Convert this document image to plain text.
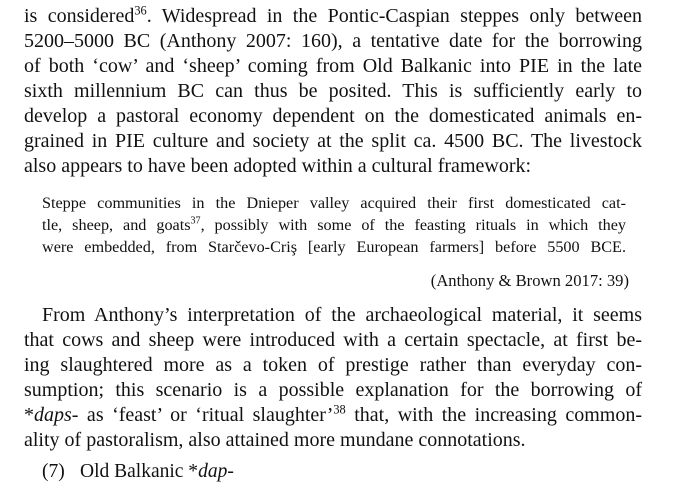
is considered$^{36}$. Widespread in the Pontic-Caspian steppes only between
5200–5000 BC (Anthony 2007: 160), a tentative date for the borrowing
of both ‘cow’ and ‘sheep’ coming from Old Balkanic into PIE in the late
sixth millennium BC can thus be posited. This is sufficiently early to
develop a pastoral economy dependent on the domesticated animals en-
grained in PIE culture and society at the split ca. 4500 BC. The livestock
also appears to have been adopted within a cultural framework:
Steppe communities in the Dnieper valley acquired their first domesticated cat-
tle, sheep, and goats$^{37}$, possibly with some of the feasting rituals in which they
were embedded, from Starčevo-Criş [early European farmers] before 5500 BCE.
(Anthony & Brown 2017: 39)
From Anthony’s interpretation of the archaeological material, it seems
that cows and sheep were introduced with a certain spectacle, at first be-
ing slaughtered more as a token of prestige rather than everyday con-
sumption; this scenario is a possible explanation for the borrowing of
*daps- as ‘feast’ or ‘ritual slaughter’$^{38}$ that, with the increasing common-
ality of pastoralism, also attained more mundane connotations.
(7) Old Balkanic *dap-
